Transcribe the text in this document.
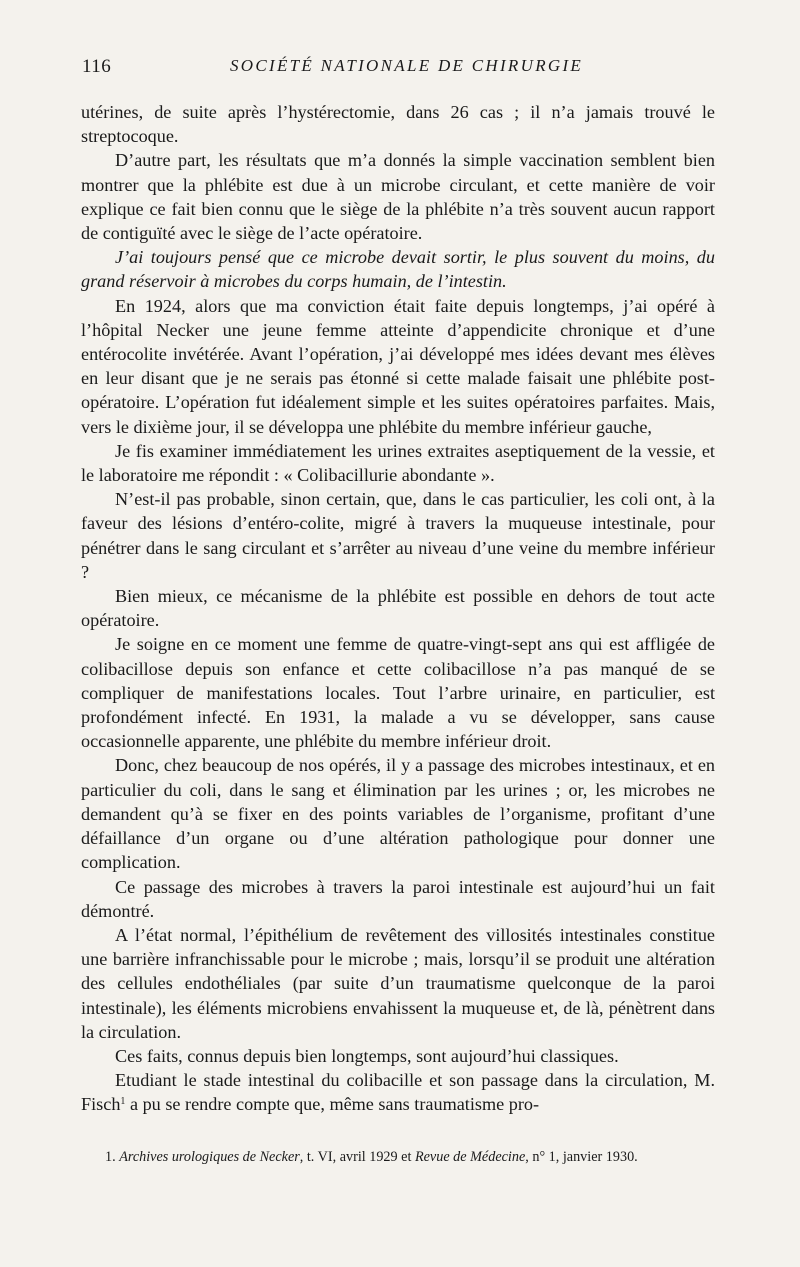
116	SOCIÉTÉ NATIONALE DE CHIRURGIE

utérines, de suite après l’hystérectomie, dans 26 cas ; il n’a jamais trouvé le streptocoque.

D’autre part, les résultats que m’a donnés la simple vaccination semblent bien montrer que la phlébite est due à un microbe circulant, et cette manière de voir explique ce fait bien connu que le siège de la phlébite n’a très souvent aucun rapport de contiguïté avec le siège de l’acte opératoire.

J’ai toujours pensé que ce microbe devait sortir, le plus souvent du moins, du grand réservoir à microbes du corps humain, de l’intestin.

En 1924, alors que ma conviction était faite depuis longtemps, j’ai opéré à l’hôpital Necker une jeune femme atteinte d’appendicite chronique et d’une entérocolite invétérée. Avant l’opération, j’ai développé mes idées devant mes élèves en leur disant que je ne serais pas étonné si cette malade faisait une phlébite post-opératoire. L’opération fut idéalement simple et les suites opératoires parfaites. Mais, vers le dixième jour, il se développa une phlébite du membre inférieur gauche,

Je fis examiner immédiatement les urines extraites aseptiquement de la vessie, et le laboratoire me répondit : « Colibacillurie abondante ».

N’est-il pas probable, sinon certain, que, dans le cas particulier, les coli ont, à la faveur des lésions d’entéro-colite, migré à travers la muqueuse intestinale, pour pénétrer dans le sang circulant et s’arrêter au niveau d’une veine du membre inférieur ?

Bien mieux, ce mécanisme de la phlébite est possible en dehors de tout acte opératoire.

Je soigne en ce moment une femme de quatre-vingt-sept ans qui est affligée de colibacillose depuis son enfance et cette colibacillose n’a pas manqué de se compliquer de manifestations locales. Tout l’arbre urinaire, en particulier, est profondément infecté. En 1931, la malade a vu se développer, sans cause occasionnelle apparente, une phlébite du membre inférieur droit.

Donc, chez beaucoup de nos opérés, il y a passage des microbes intestinaux, et en particulier du coli, dans le sang et élimination par les urines ; or, les microbes ne demandent qu’à se fixer en des points variables de l’organisme, profitant d’une défaillance d’un organe ou d’une altération pathologique pour donner une complication.

Ce passage des microbes à travers la paroi intestinale est aujourd’hui un fait démontré.

A l’état normal, l’épithélium de revêtement des villosités intestinales constitue une barrière infranchissable pour le microbe ; mais, lorsqu’il se produit une altération des cellules endothéliales (par suite d’un traumatisme quelconque de la paroi intestinale), les éléments microbiens envahissent la muqueuse et, de là, pénètrent dans la circulation.

Ces faits, connus depuis bien longtemps, sont aujourd’hui classiques.

Etudiant le stade intestinal du colibacille et son passage dans la circulation, M. Fisch$^1$ a pu se rendre compte que, même sans traumatisme pro-

1. Archives urologiques de Necker, t. VI, avril 1929 et Revue de Médecine, n° 1, janvier 1930.
